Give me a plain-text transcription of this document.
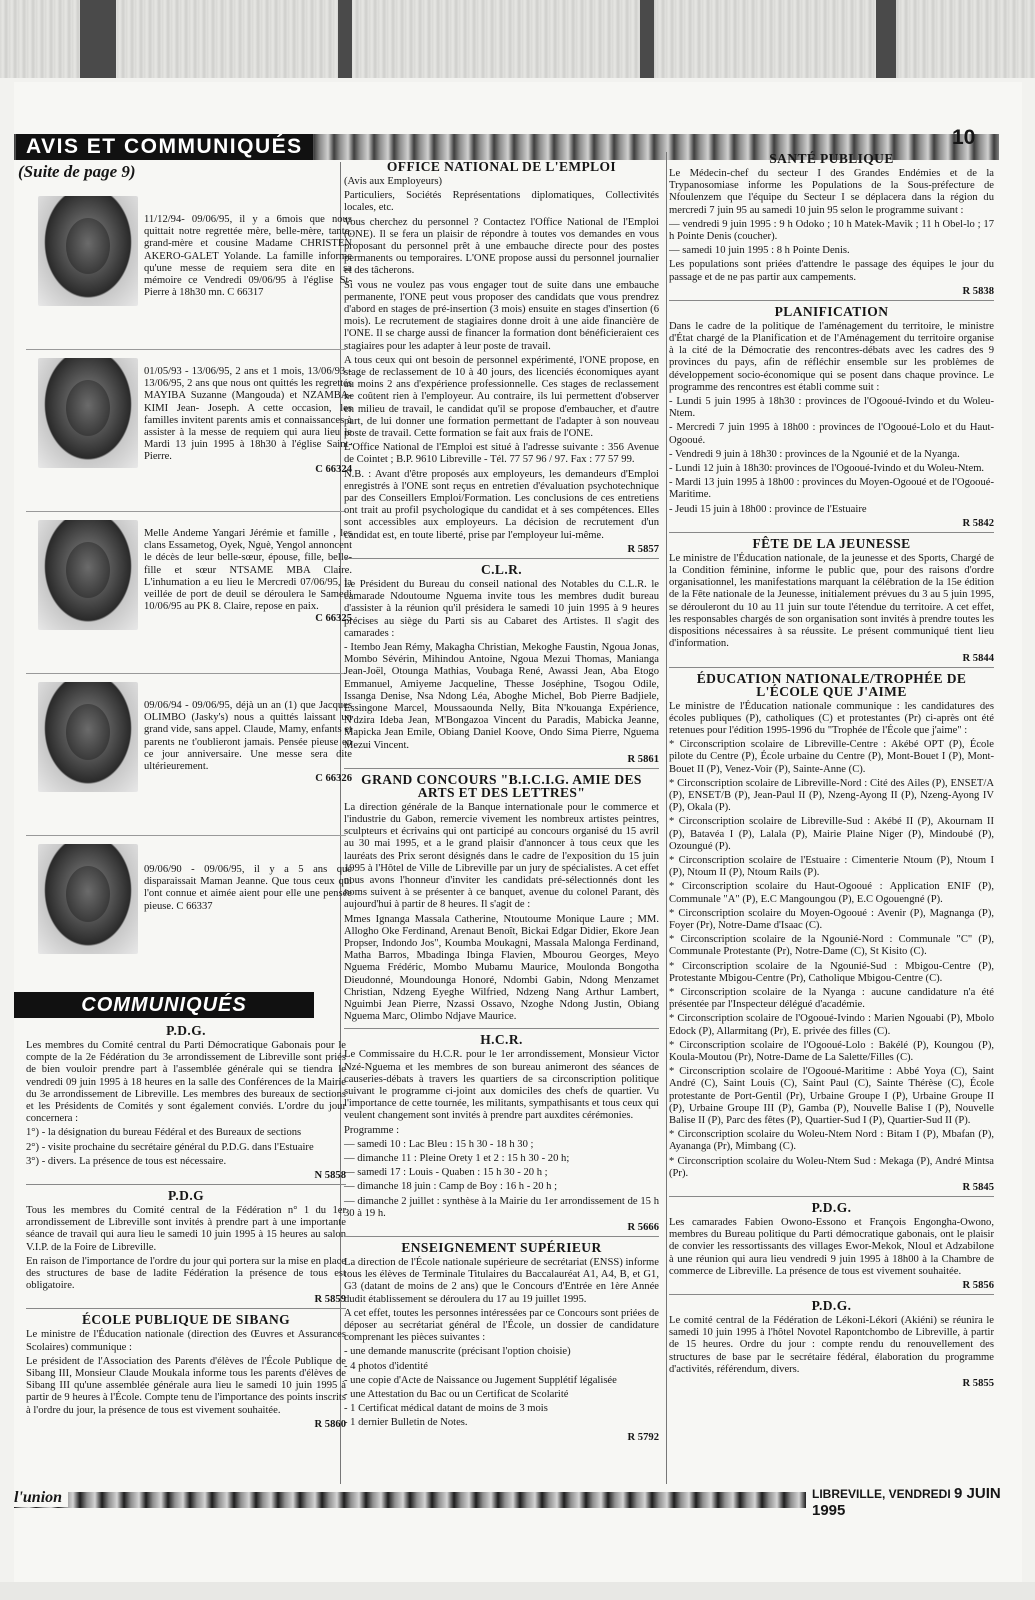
AVIS ET COMMUNIQUÉS	10
(Suite de page 9)
11/12/94- 09/06/95, il y a 6mois que nous quittait notre regrettée mère, belle-mère, tante, grand-mère et cousine Madame CHRISTEN AKERO-GALET Yolande. La famille informe qu'une messe de requiem sera dite en sa mémoire ce Vendredi 09/06/95 à l'église St- Pierre à 18h30 mn. C 66317
01/05/93 - 13/06/95, 2 ans et 1 mois, 13/06/93 - 13/06/95, 2 ans que nous ont quittés les regrettés MAYIBA Suzanne (Mangouda) et NZAMBA-KIMI Jean- Joseph. A cette occasion, les familles invitent parents amis et connaissances à assister à la messe de requiem qui aura lieu le Mardi 13 juin 1995 à 18h30 à l'église Saint- Pierre.
C 66324
Melle Andeme Yangari Jérémie et famille , les clans Essametog, Oyek, Nguè, Yengol annoncent le décès de leur belle-sœur, épouse, fille, belle-fille et sœur NTSAME MBA Claire. L'inhumation a eu lieu le Mercredi 07/06/95, la veillée de port de deuil se déroulera le Samedi 10/06/95 au PK 8. Claire, repose en paix.
C 66325
09/06/94 - 09/06/95, déjà un an (1) que Jacques OLIMBO (Jasky's) nous a quittés laissant un grand vide, sans appel. Claude, Mamy, enfants et parents ne t'oublieront jamais. Pensée pieuse en ce jour anniversaire. Une messe sera dite ultérieurement.
C 66326
09/06/90 - 09/06/95, il y a 5 ans que disparaissait Maman Jeanne. Que tous ceux qui l'ont connue et aimée aient pour elle une pensée pieuse. C 66337
COMMUNIQUÉS
P.D.G.

Les membres du Comité central du Parti Démocratique Gabonais pour le compte de la 2e Fédération du 3e arrondissement de Libreville sont priés de bien vouloir prendre part à l'assemblée générale qui se tiendra le vendredi 09 juin 1995 à 18 heures en la salle des Conférences de la Mairie du 3e arrondissement de Libreville. Les membres des bureaux de sections et les Présidents de Comités y sont également conviés. L'ordre du jour concernera :

1°) - la désignation du bureau Fédéral et des Bureaux de sections

2°) - visite prochaine du secrétaire général du P.D.G. dans l'Estuaire

3°) - divers. La présence de tous est nécessaire.

N 5858
P.D.G

Tous les membres du Comité central de la Fédération n° 1 du 1er arrondissement de Libreville sont invités à prendre part à une importante séance de travail qui aura lieu le samedi 10 juin 1995 à 15 heures au salon V.I.P. de la Foire de Libreville.

En raison de l'importance de l'ordre du jour qui portera sur la mise en place des structures de base de ladite Fédération la présence de tous est obligatoire.

R 5859
ÉCOLE PUBLIQUE DE SIBANG

Le ministre de l'Éducation nationale (direction des Œuvres et Assurances Scolaires) communique :

Le président de l'Association des Parents d'élèves de l'École Publique de Sibang III, Monsieur Claude Moukala informe tous les parents d'élèves de Sibang III qu'une assemblée générale aura lieu le samedi 10 juin 1995 à partir de 9 heures à l'École. Compte tenu de l'importance des points inscrits à l'ordre du jour, la présence de tous est vivement souhaitée.

R 5860
OFFICE NATIONAL DE L'EMPLOI

(Avis aux Employeurs)

Particuliers, Sociétés Représentations diplomatiques, Collectivités locales, etc.

Vous cherchez du personnel ? Contactez l'Office National de l'Emploi (ONE). Il se fera un plaisir de répondre à toutes vos demandes en vous proposant du personnel prêt à une embauche directe pour des postes permanents ou temporaires. L'ONE propose aussi du personnel journalier et des tâcherons.

Si vous ne voulez pas vous engager tout de suite dans une embauche permanente, l'ONE peut vous proposer des candidats que vous prendrez d'abord en stages de pré-insertion (3 mois) ensuite en stages d'insertion (6 mois). Le recrutement de stagiaires donne droit à une aide financière de l'ONE. Il se charge aussi de financer la formation dont bénéficieraient ces stagiaires pour les adapter à leur poste de travail.

A tous ceux qui ont besoin de personnel expérimenté, l'ONE propose, en stage de reclassement de 10 à 40 jours, des licenciés économiques ayant au moins 2 ans d'expérience professionnelle. Ces stages de reclassement ne coûtent rien à l'employeur. Au contraire, ils lui permettent d'observer en milieu de travail, le candidat qu'il se propose d'embaucher, et d'autre part, de lui donner une formation permettant de l'adapter à son nouveau poste de travail. Cette formation se fait aux frais de l'ONE.

L'Office National de l'Emploi est situé à l'adresse suivante : 356 Avenue de Cointet ; B.P. 9610 Libreville - Tél. 77 57 96 / 97. Fax : 77 57 99.

N.B. : Avant d'être proposés aux employeurs, les demandeurs d'Emploi enregistrés à l'ONE sont reçus en entretien d'évaluation psychotechnique par des Conseillers Emploi/Formation. Les conclusions de ces entretiens ont trait au profil psychologique du candidat et à ses compétences. Elles sont accessibles aux employeurs. La décision de recrutement d'un candidat est, en toute liberté, prise par l'employeur lui-même.

R 5857
C.L.R.

Le Président du Bureau du conseil national des Notables du C.L.R. le camarade Ndoutoume Nguema invite tous les membres dudit bureau d'assister à la réunion qu'il présidera le samedi 10 juin 1995 à 9 heures précises au siège du Parti sis au Cabaret des Artistes. Il s'agit des camarades :

- Itembo Jean Rémy, Makagha Christian, Mekoghe Faustin, Ngoua Jonas, Mombo Sévérin, Mihindou Antoine, Ngoua Mezui Thomas, Manianga Jean-Joël, Otounga Mathias, Voubaga René, Awassi Jean, Aba Etogo Emmanuel, Amiyeme Jacqueline, Thesse Joséphine, Tsogou Odile, Issanga Denise, Nsa Ndong Léa, Aboghe Michel, Bob Pierre Badjiele, Essingone Marcel, Moussaounda Nelly, Bita N'kouanga Expérience, N'dzira Ideba Jean, M'Bongazoa Vincent du Paradis, Mabicka Jeanne, Mapicka Jean Emile, Obiang Daniel Koove, Ondo Sima Pierre, Nguema Mezui Vincent.

R 5861
GRAND CONCOURS "B.I.C.I.G. AMIE DES ARTS ET DES LETTRES"

La direction générale de la Banque internationale pour le commerce et l'industrie du Gabon, remercie vivement les nombreux artistes peintres, sculpteurs et écrivains qui ont participé au concours organisé du 15 avril au 30 mai 1995, et a le grand plaisir d'annoncer à tous ceux que les lauréats des Prix seront désignés dans le cadre de l'exposition du 15 juin 1995 à l'Hôtel de Ville de Libreville par un jury de spécialistes. A cet effet nous avons l'honneur d'inviter les candidats pré-sélectionnés dont les noms suivent à se présenter à ce banquet, avenue du colonel Parant, dès aujourd'hui à partir de 8 heures. Il s'agit de :

Mmes Ignanga Massala Catherine, Ntoutoume Monique Laure ; MM. Allogho Oke Ferdinand, Arenaut Benoît, Bickai Edgar Didier, Ekore Jean Propser, Indondo Jos", Koumba Moukagni, Massala Malonga Ferdinand, Matha Barros, Mbadinga Ibinga Flavien, Mbourou Georges, Meyo Nguema Frédéric, Mombo Mubamu Maurice, Moulonda Bongotha Dieudonné, Moundounga Honoré, Ndombi Gabin, Ndong Menzamet Christian, Ndzeng Eyeghe Wilfried, Ndzeng Nang Arthur Lambert, Nguimbi Jean Pierre, Nzassi Ossavo, Nzoghe Ndong Justin, Obiang Nguema Marc, Olimbo Ndjave Maurice.

H.C.R.

Le Commissaire du H.C.R. pour le 1er arrondissement, Monsieur Victor Nzé-Nguema et les membres de son bureau animeront des séances de causeries-débats à travers les quartiers de sa circonscription politique suivant le programme ci-joint aux domiciles des chefs de quartier. Vu l'importance de cette tournée, les militants, sympathisants et tous ceux qui veulent changement sont invités à prendre part auxdites cérémonies.

Programme :

— samedi 10 : Lac Bleu : 15 h 30 - 18 h 30 ;

— dimanche 11 : Pleine Orety 1 et 2 : 15 h 30 - 20 h;

— samedi 17 : Louis - Quaben : 15 h 30 - 20 h ;

— dimanche 18 juin : Camp de Boy : 16 h - 20 h ;

— dimanche 2 juillet : synthèse à la Mairie du 1er arrondissement de 15 h 30 à 19 h.

R 5666
ENSEIGNEMENT SUPÉRIEUR

La direction de l'École nationale supérieure de secrétariat (ENSS) informe tous les élèves de Terminale Titulaires du Baccalauréat A1, A4, B, et G1, G3 (datant de moins de 2 ans) que le Concours d'Entrée en 1ère Année dudit établissement se déroulera du 17 au 19 juillet 1995.

A cet effet, toutes les personnes intéressées par ce Concours sont priées de déposer au secrétariat général de l'École, un dossier de candidature comprenant les pièces suivantes :

- une demande manuscrite (précisant l'option choisie)

- 4 photos d'identité

- une copie d'Acte de Naissance ou Jugement Supplétif légalisée

- une Attestation du Bac ou un Certificat de Scolarité

- 1 Certificat médical datant de moins de 3 mois

- 1 dernier Bulletin de Notes.

R 5792
SANTÉ PUBLIQUE

Le Médecin-chef du secteur I des Grandes Endémies et de la Trypanosomiase informe les Populations de la Sous-préfecture de Nfoulenzem que l'équipe du Secteur I se déplacera dans la région du mercredi 7 juin 95 au samedi 10 juin 95 selon le programme suivant :

— vendredi 9 juin 1995 : 9 h Odoko ; 10 h Matek-Mavik ; 11 h Obel-lo ; 17 h Pointe Denis (coucher).

— samedi 10 juin 1995 : 8 h Pointe Denis.

Les populations sont priées d'attendre le passage des équipes le jour du passage et de ne pas partir aux campements.

R 5838
PLANIFICATION

Dans le cadre de la politique de l'aménagement du territoire, le ministre d'État chargé de la Planification et de l'Aménagement du territoire organise à la cité de la Démocratie des rencontres-débats avec les cadres des 9 provinces du pays, afin de réfléchir ensemble sur les problèmes de développement socio-économique qui se posent dans chaque province. Le programme des rencontres est établi comme suit :

- Lundi 5 juin 1995 à 18h30 : provinces de l'Ogooué-Ivindo et du Woleu-Ntem.

- Mercredi 7 juin 1995 à 18h00 : provinces de l'Ogooué-Lolo et du Haut-Ogooué.

- Vendredi 9 juin à 18h30 : provinces de la Ngounié et de la Nyanga.

- Lundi 12 juin à 18h30: provinces de l'Ogooué-Ivindo et du Woleu-Ntem.

- Mardi 13 juin 1995 à 18h00 : provinces du Moyen-Ogooué et de l'Ogooué-Maritime.

- Jeudi 15 juin à 18h00 : province de l'Estuaire

R 5842
FÊTE DE LA JEUNESSE

Le ministre de l'Éducation nationale, de la jeunesse et des Sports, Chargé de la Condition féminine, informe le public que, pour des raisons d'ordre organisationnel, les manifestations marquant la célébration de la 15e édition de la Fête nationale de la Jeunesse, initialement prévues du 3 au 5 juin 1995, se dérouleront du 10 au 11 juin sur toute l'étendue du territoire. A cet effet, les responsables chargés de son organisation sont invités à prendre toutes les dispositions nécessaires à sa réussite. Le présent communiqué tient lieu d'information.

R 5844
ÉDUCATION NATIONALE/TROPHÉE DE L'ÉCOLE QUE J'AIME

Le ministre de l'Éducation nationale communique : les candidatures des écoles publiques (P), catholiques (C) et protestantes (Pr) ci-après ont été retenues pour l'édition 1995-1996 du "Trophée de l'École que j'aime" :

* Circonscription scolaire de Libreville-Centre : Akébé OPT (P), École pilote du Centre (P), École urbaine du Centre (P), Mont-Bouet I (P), Mont-Bouet II (P), Venez-Voir (P), Sainte-Anne (C).

* Circonscription scolaire de Libreville-Nord : Cité des Ailes (P), ENSET/A (P), ENSET/B (P), Jean-Paul II (P), Nzeng-Ayong II (P), Nzeng-Ayong IV (P), Okala (P).

* Circonscription scolaire de Libreville-Sud : Akébé II (P), Akournam II (P), Batavéa I (P), Lalala (P), Mairie Plaine Niger (P), Mindoubé (P), Ozoungué (P).

* Circonscription scolaire de l'Estuaire : Cimenterie Ntoum (P), Ntoum I (P), Ntoum II (P), Ntoum Rails (P).

* Circonscription scolaire du Haut-Ogooué : Application ENIF (P), Communale "A" (P), E.C Mangoungou (P), E.C Ogouengné (P).

* Circonscription scolaire du Moyen-Ogooué : Avenir (P), Magnanga (P), Foyer (Pr), Notre-Dame d'Isaac (C).

* Circonscription scolaire de la Ngounié-Nord : Communale "C" (P), Communale Protestante (Pr), Notre-Dame (C), St Kisito (C).

* Circonscription scolaire de la Ngounié-Sud : Mbigou-Centre (P), Protestante Mbigou-Centre (Pr), Catholique Mbigou-Centre (C).

* Circonscription scolaire de la Nyanga : aucune candidature n'a été présentée par l'Inspecteur délégué d'académie.

* Circonscription scolaire de l'Ogooué-Ivindo : Marien Ngouabi (P), Mbolo Edock (P), Allarmitang (Pr), E. privée des filles (C).

* Circonscription scolaire de l'Ogooué-Lolo : Bakélé (P), Koungou (P), Koula-Moutou (Pr), Notre-Dame de La Salette/Filles (C).

* Circonscription scolaire de l'Ogooué-Maritime : Abbé Yoya (C), Saint André (C), Saint Louis (C), Saint Paul (C), Sainte Thérèse (C), École protestante de Port-Gentil (Pr), Urbaine Groupe I (P), Urbaine Groupe II (P), Urbaine Groupe III (P), Gamba (P), Nouvelle Balise I (P), Nouvelle Balise II (P), Parc des fêtes (P), Quartier-Sud I (P), Quartier-Sud II (P).

* Circonscription scolaire du Woleu-Ntem Nord : Bitam I (P), Mbafan (P), Ayananga (Pr), Mimbang (C).

* Circonscription scolaire du Woleu-Ntem Sud : Mekaga (P), André Mintsa (Pr).

R 5845
P.D.G.

Les camarades Fabien Owono-Essono et François Engongha-Owono, membres du Bureau politique du Parti démocratique gabonais, ont le plaisir de convier les ressortissants des villages Ewor-Mekok, Nloul et Adzabilone à une réunion qui aura lieu vendredi 9 juin 1995 à 18h00 à la Chambre de commerce de Libreville. La présence de tous est vivement souhaitée.

R 5856
P.D.G.

Le comité central de la Fédération de Lékoni-Lékori (Akiéni) se réunira le samedi 10 juin 1995 à l'hôtel Novotel Rapontchombo de Libreville, à partir de 15 heures. Ordre du jour : compte rendu du renouvellement des structures de base par le secrétaire fédéral, élaboration du programme d'activités, référendum, divers.

R 5855
l'union	LIBREVILLE, VENDREDI 9 JUIN 1995
